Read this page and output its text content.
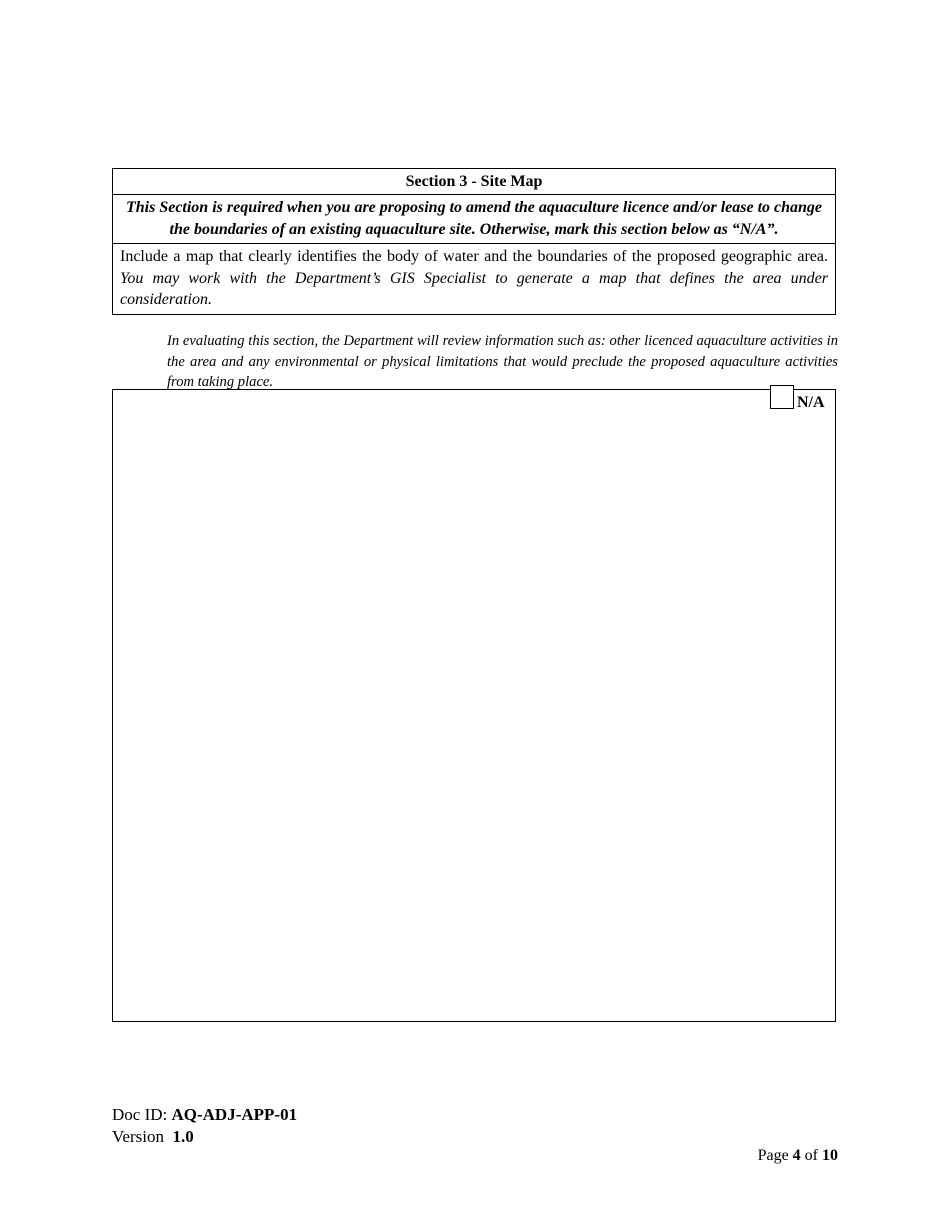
Section 3 - Site Map
This Section is required when you are proposing to amend the aquaculture licence and/or lease to change the boundaries of an existing aquaculture site. Otherwise, mark this section below as “N/A”.
Include a map that clearly identifies the body of water and the boundaries of the proposed geographic area. You may work with the Department’s GIS Specialist to generate a map that defines the area under consideration.
In evaluating this section, the Department will review information such as: other licenced aquaculture activities in the area and any environmental or physical limitations that would preclude the proposed aquaculture activities from taking place.
N/A
Doc ID: AQ-ADJ-APP-01
Version 1.0
Page 4 of 10
